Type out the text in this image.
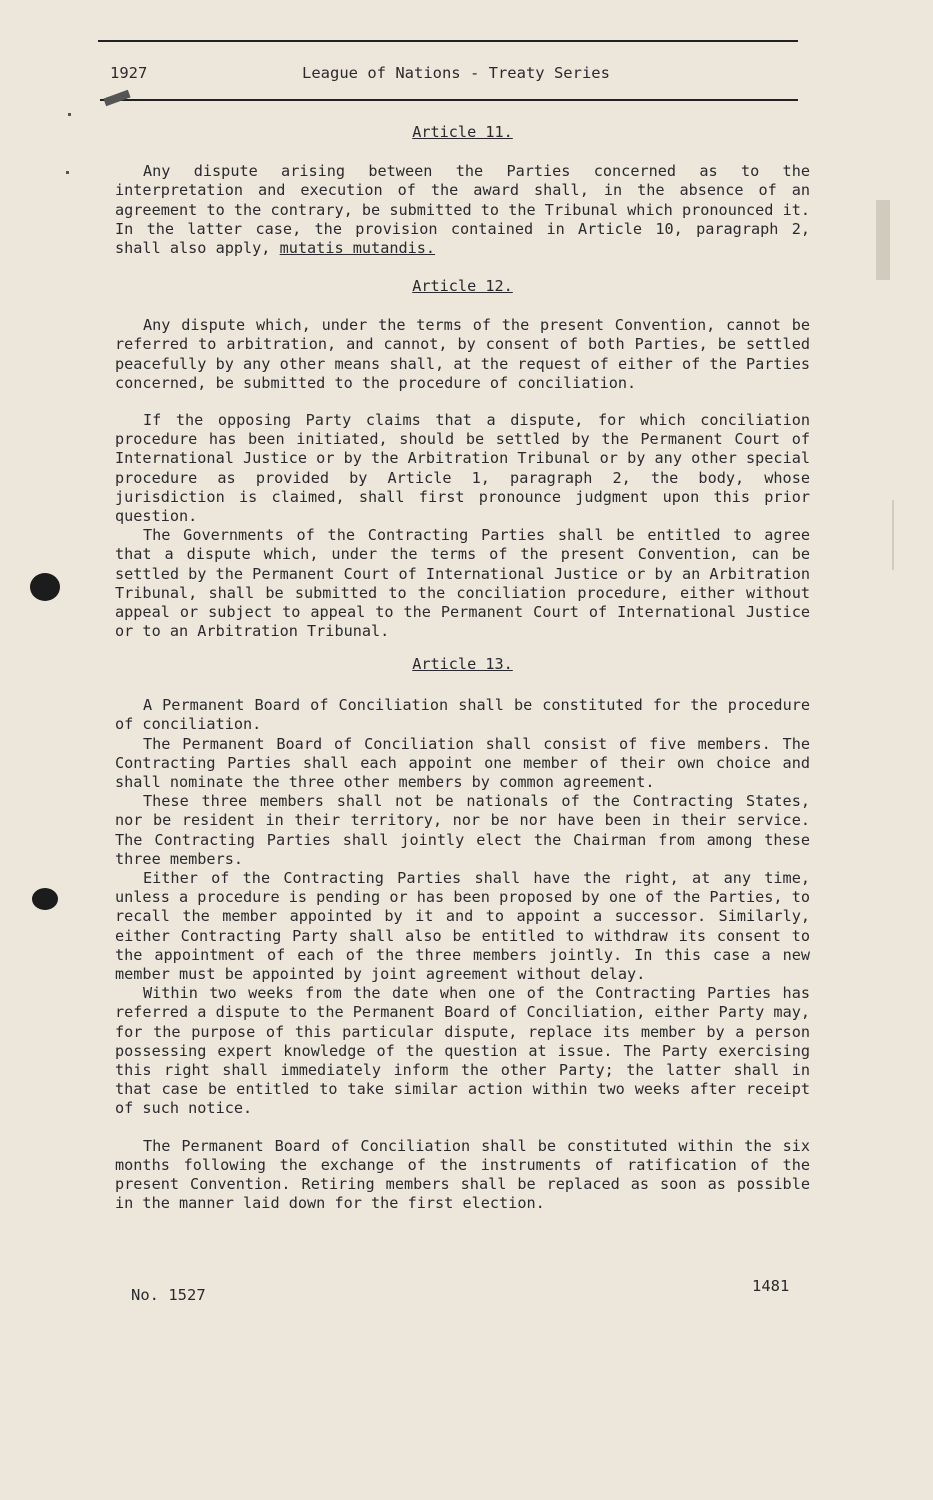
1927	League of Nations - Treaty Series

Article 11.

Any dispute arising between the Parties concerned as to the interpretation and execution of the award shall, in the absence of an agreement to the contrary, be submitted to the Tribunal which pronounced it. In the latter case, the provision contained in Article 10, paragraph 2, shall also apply, mutatis mutandis.

Article 12.

Any dispute which, under the terms of the present Convention, cannot be referred to arbitration, and cannot, by consent of both Parties, be settled peacefully by any other means shall, at the request of either of the Parties concerned, be submitted to the procedure of conciliation.

If the opposing Party claims that a dispute, for which conciliation procedure has been initiated, should be settled by the Permanent Court of International Justice or by the Arbitration Tribunal or by any other special procedure as provided by Article 1, paragraph 2, the body, whose jurisdiction is claimed, shall first pronounce judgment upon this prior question.

The Governments of the Contracting Parties shall be entitled to agree that a dispute which, under the terms of the present Convention, can be settled by the Permanent Court of International Justice or by an Arbitration Tribunal, shall be submitted to the conciliation procedure, either without appeal or subject to appeal to the Permanent Court of International Justice or to an Arbitration Tribunal.

Article 13.

A Permanent Board of Conciliation shall be constituted for the procedure of conciliation.

The Permanent Board of Conciliation shall consist of five members. The Contracting Parties shall each appoint one member of their own choice and shall nominate the three other members by common agreement.

These three members shall not be nationals of the Contracting States, nor be resident in their territory, nor be nor have been in their service. The Contracting Parties shall jointly elect the Chairman from among these three members.

Either of the Contracting Parties shall have the right, at any time, unless a procedure is pending or has been proposed by one of the Parties, to recall the member appointed by it and to appoint a successor. Similarly, either Contracting Party shall also be entitled to withdraw its consent to the appointment of each of the three members jointly. In this case a new member must be appointed by joint agreement without delay.

Within two weeks from the date when one of the Contracting Parties has referred a dispute to the Permanent Board of Conciliation, either Party may, for the purpose of this particular dispute, replace its member by a person possessing expert knowledge of the question at issue. The Party exercising this right shall immediately inform the other Party; the latter shall in that case be entitled to take similar action within two weeks after receipt of such notice.

The Permanent Board of Conciliation shall be constituted within the six months following the exchange of the instruments of ratification of the present Convention. Retiring members shall be replaced as soon as possible in the manner laid down for the first election.

No. 1527	1481
